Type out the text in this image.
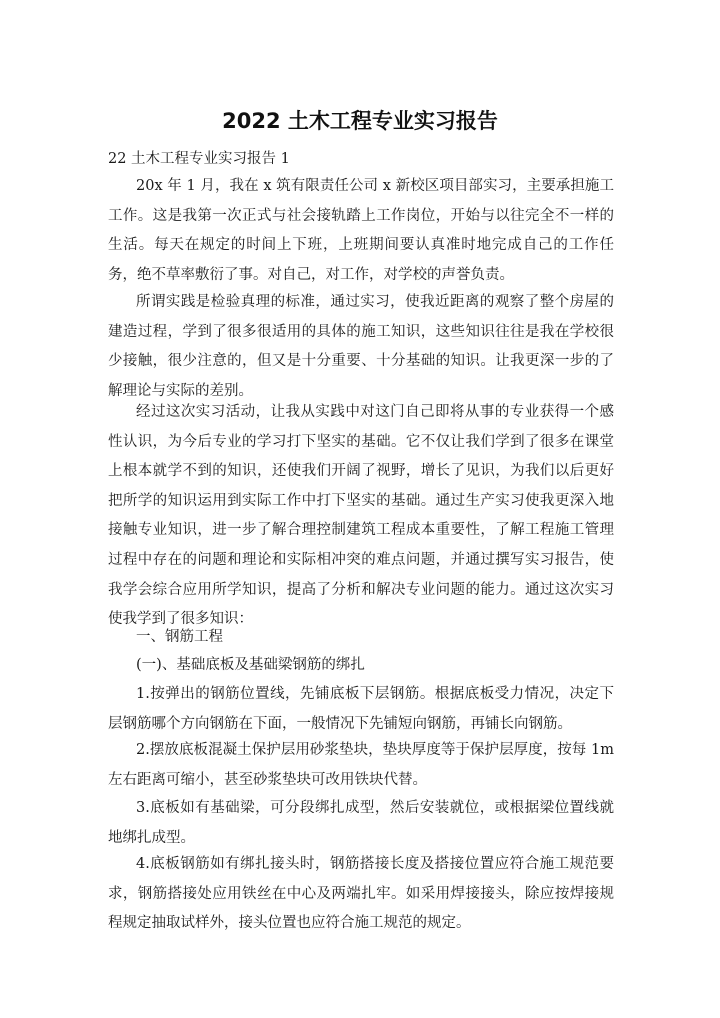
2022 土木工程专业实习报告
22 土木工程专业实习报告 1
20x 年 1 月，我在 x 筑有限责任公司 x 新校区项目部实习，主要承担施工
工作。这是我第一次正式与社会接轨踏上工作岗位，开始与以往完全不一样的
生活。每天在规定的时间上下班，上班期间要认真准时地完成自己的工作任
务，绝不草率敷衍了事。对自己，对工作，对学校的声誉负责。
所谓实践是检验真理的标准，通过实习，使我近距离的观察了整个房屋的
建造过程，学到了很多很适用的具体的施工知识，这些知识往往是我在学校很
少接触，很少注意的，但又是十分重要、十分基础的知识。让我更深一步的了
解理论与实际的差别。
经过这次实习活动，让我从实践中对这门自己即将从事的专业获得一个感
性认识，为今后专业的学习打下坚实的基础。它不仅让我们学到了很多在课堂
上根本就学不到的知识，还使我们开阔了视野，增长了见识，为我们以后更好
把所学的知识运用到实际工作中打下坚实的基础。通过生产实习使我更深入地
接触专业知识，进一步了解合理控制建筑工程成本重要性，了解工程施工管理
过程中存在的问题和理论和实际相冲突的难点问题，并通过撰写实习报告，使
我学会综合应用所学知识，提高了分析和解决专业问题的能力。通过这次实习
使我学到了很多知识：
一、钢筋工程
(一)、基础底板及基础梁钢筋的绑扎
1.按弹出的钢筋位置线，先铺底板下层钢筋。根据底板受力情况，决定下
层钢筋哪个方向钢筋在下面，一般情况下先铺短向钢筋，再铺长向钢筋。
2.摆放底板混凝土保护层用砂浆垫块，垫块厚度等于保护层厚度，按每 1m
左右距离可缩小，甚至砂浆垫块可改用铁块代替。
3.底板如有基础梁，可分段绑扎成型，然后安装就位，或根据梁位置线就
地绑扎成型。
4.底板钢筋如有绑扎接头时，钢筋搭接长度及搭接位置应符合施工规范要
求，钢筋搭接处应用铁丝在中心及两端扎牢。如采用焊接接头，除应按焊接规
程规定抽取试样外，接头位置也应符合施工规范的规定。
